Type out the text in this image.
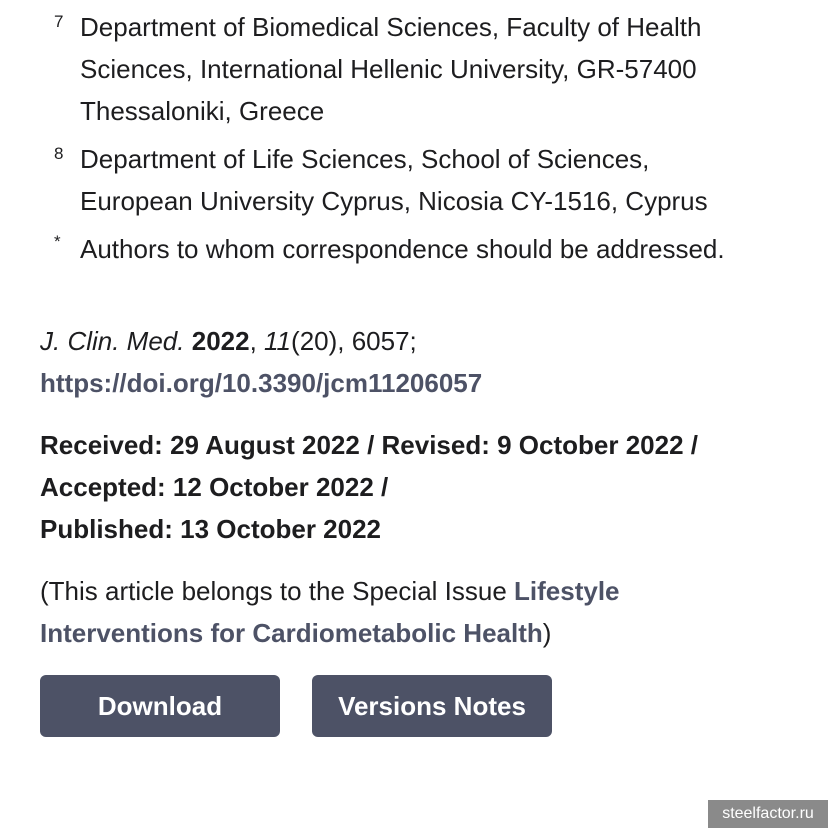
7 Department of Biomedical Sciences, Faculty of Health
Sciences, International Hellenic University, GR-57400
Thessaloniki, Greece
8 Department of Life Sciences, School of Sciences,
European University Cyprus, Nicosia CY-1516, Cyprus
* Authors to whom correspondence should be addressed.
J. Clin. Med. 2022, 11(20), 6057;
https://doi.org/10.3390/jcm11206057
Received: 29 August 2022 / Revised: 9 October 2022 /
Accepted: 12 October 2022 /
Published: 13 October 2022
(This article belongs to the Special Issue Lifestyle
Interventions for Cardiometabolic Health)
Download	Versions Notes
steelfactor.ru
